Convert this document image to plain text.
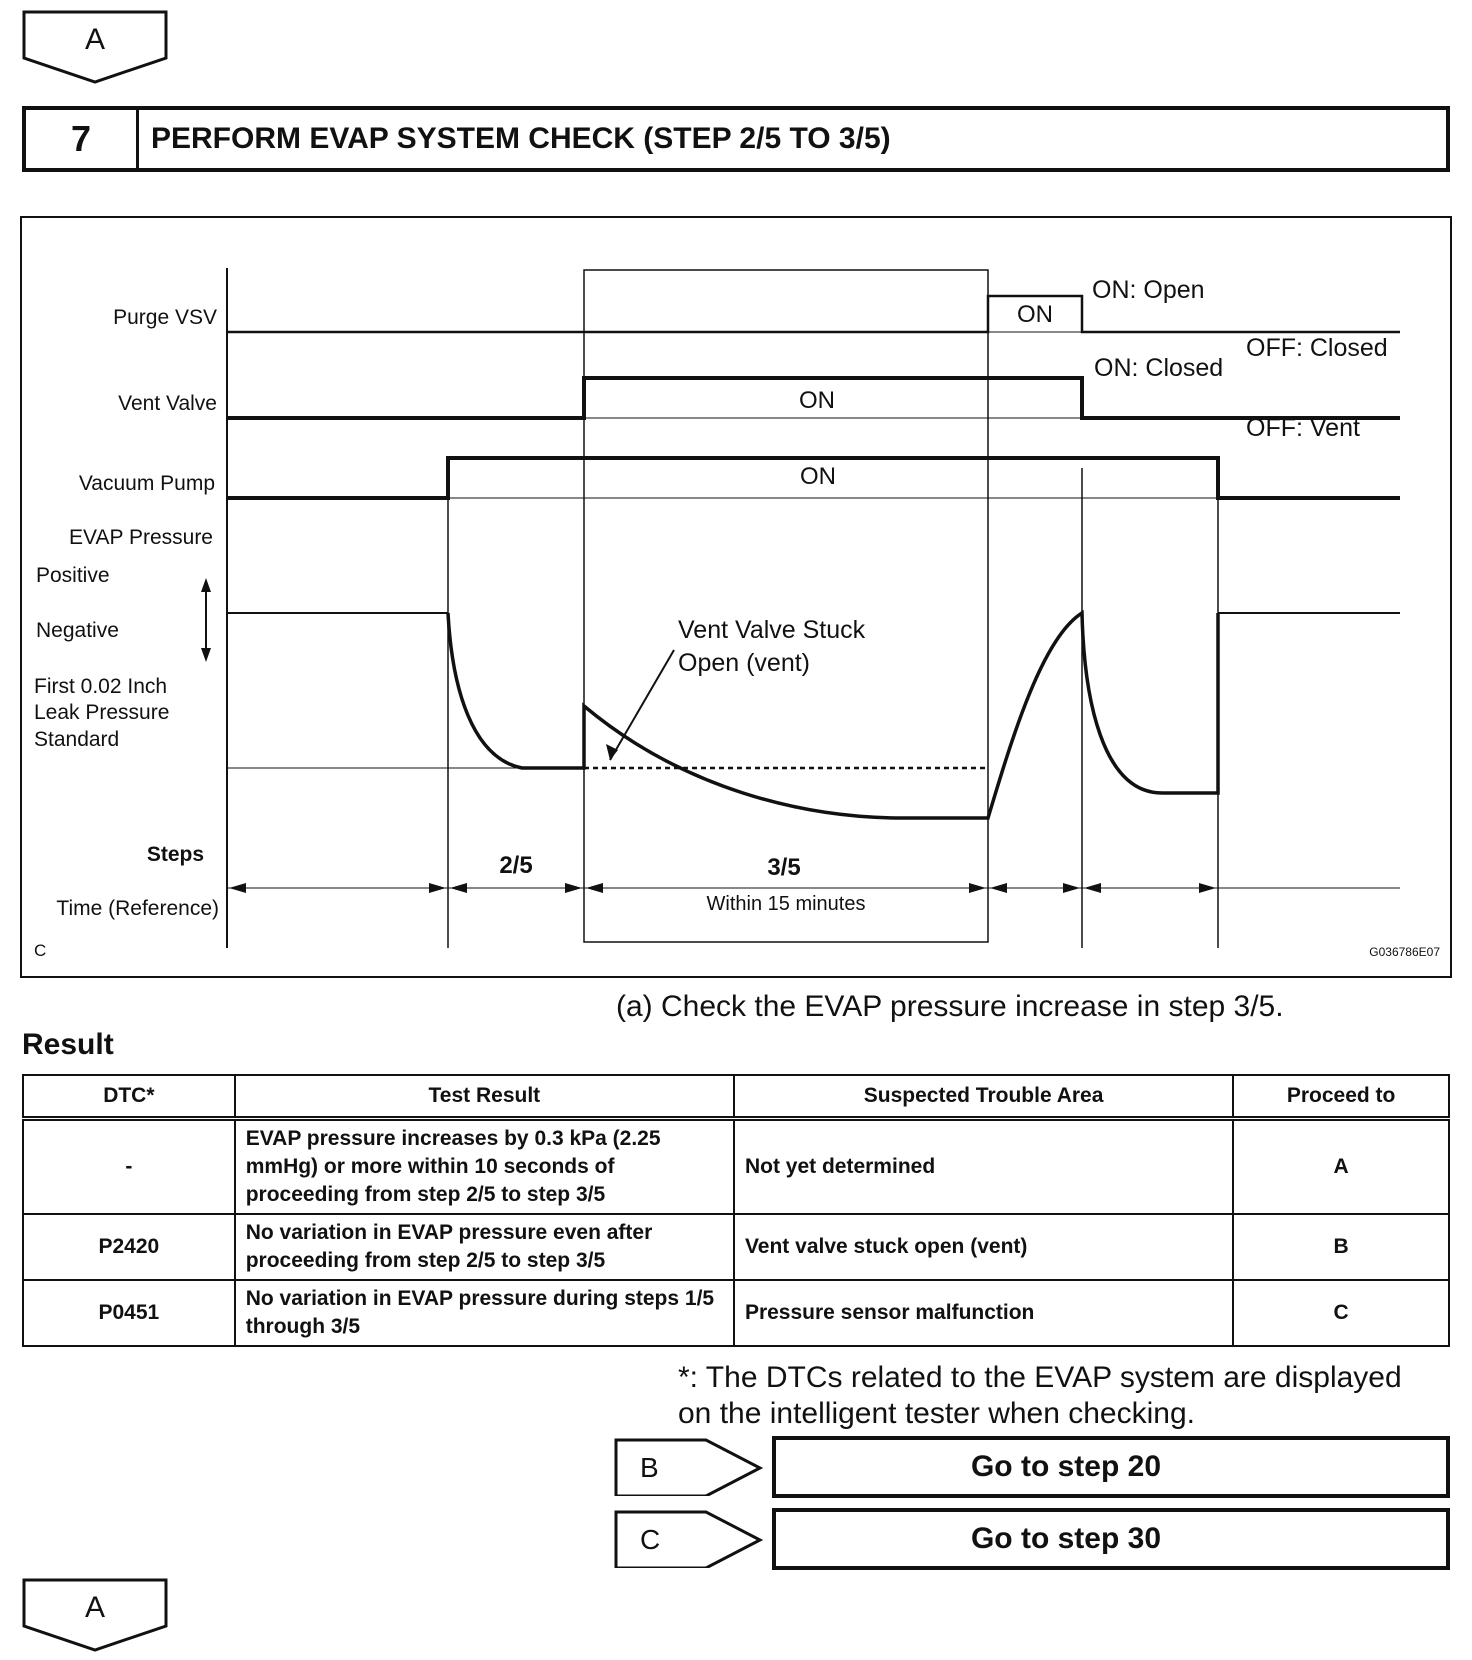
A
7	PERFORM EVAP SYSTEM CHECK (STEP 2/5 TO 3/5)
Purge VSV
Vent Valve
Vacuum Pump
EVAP Pressure
Positive
Negative
First 0.02 Inch
Leak Pressure
Standard
Steps
Time (Reference)
ON
ON
ON
ON: Open
OFF: Closed
ON: Closed
OFF: Vent
Vent Valve Stuck
Open (vent)
2/5	3/5
Within 15 minutes
C	G036786E07
(a) Check the EVAP pressure increase in step 3/5.
Result
DTC*	Test Result	Suspected Trouble Area	Proceed to
-	EVAP pressure increases by 0.3 kPa (2.25 mmHg) or more within 10 seconds of proceeding from step 2/5 to step 3/5	Not yet determined	A
P2420	No variation in EVAP pressure even after proceeding from step 2/5 to step 3/5	Vent valve stuck open (vent)	B
P0451	No variation in EVAP pressure during steps 1/5 through 3/5	Pressure sensor malfunction	C
*: The DTCs related to the EVAP system are displayed on the intelligent tester when checking.
B	Go to step 20
C	Go to step 30
A
